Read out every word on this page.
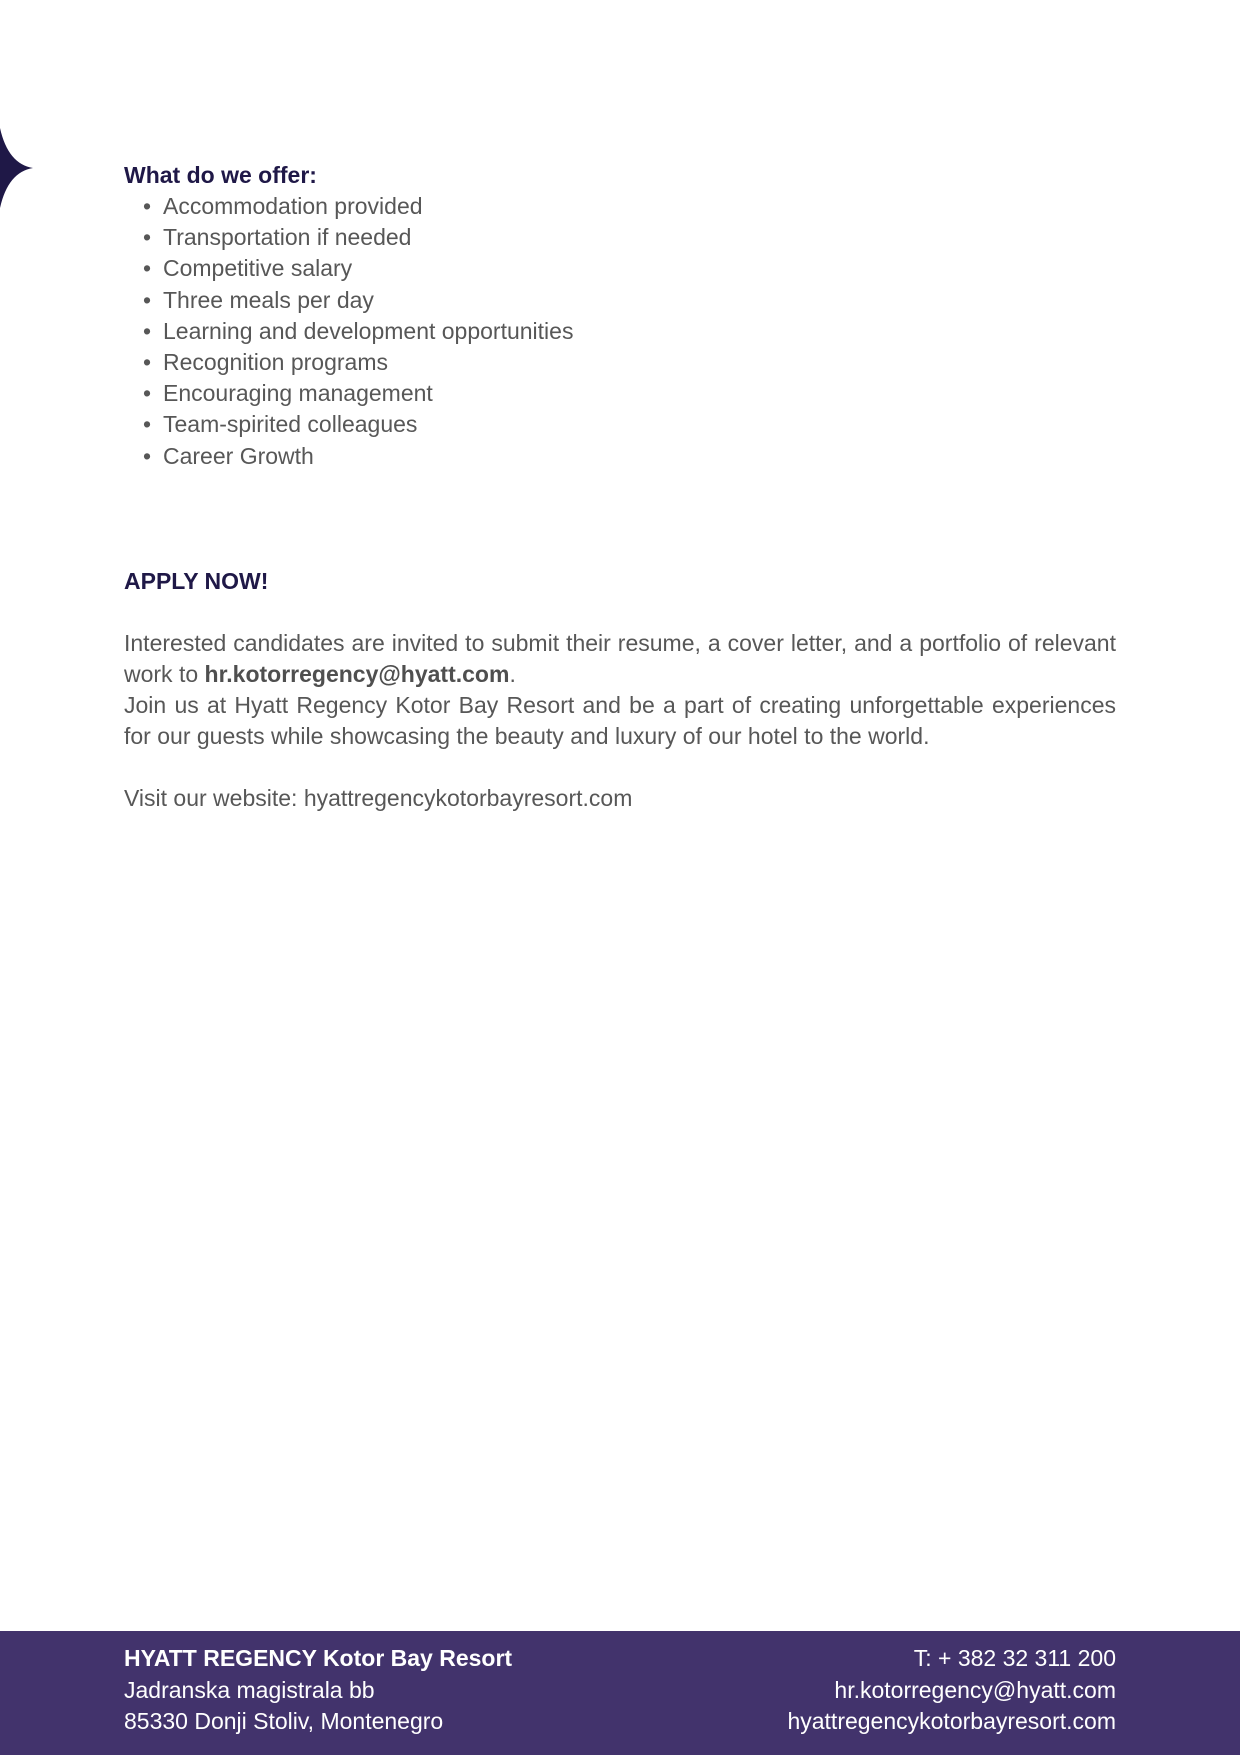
What do we offer:
• Accommodation provided
• Transportation if needed
• Competitive salary
• Three meals per day
• Learning and development opportunities
• Recognition programs
• Encouraging management
• Team-spirited colleagues
• Career Growth
APPLY NOW!

Interested candidates are invited to submit their resume, a cover letter, and a portfolio of relevant work to hr.kotorregency@hyatt.com.

Join us at Hyatt Regency Kotor Bay Resort and be a part of creating unforgettable experiences for our guests while showcasing the beauty and luxury of our hotel to the world.

Visit our website: hyattregencykotorbayresort.com
HYATT REGENCY Kotor Bay Resort
Jadranska magistrala bb
85330 Donji Stoliv, Montenegro
T: + 382 32 311 200
hr.kotorregency@hyatt.com
hyattregencykotorbayresort.com
